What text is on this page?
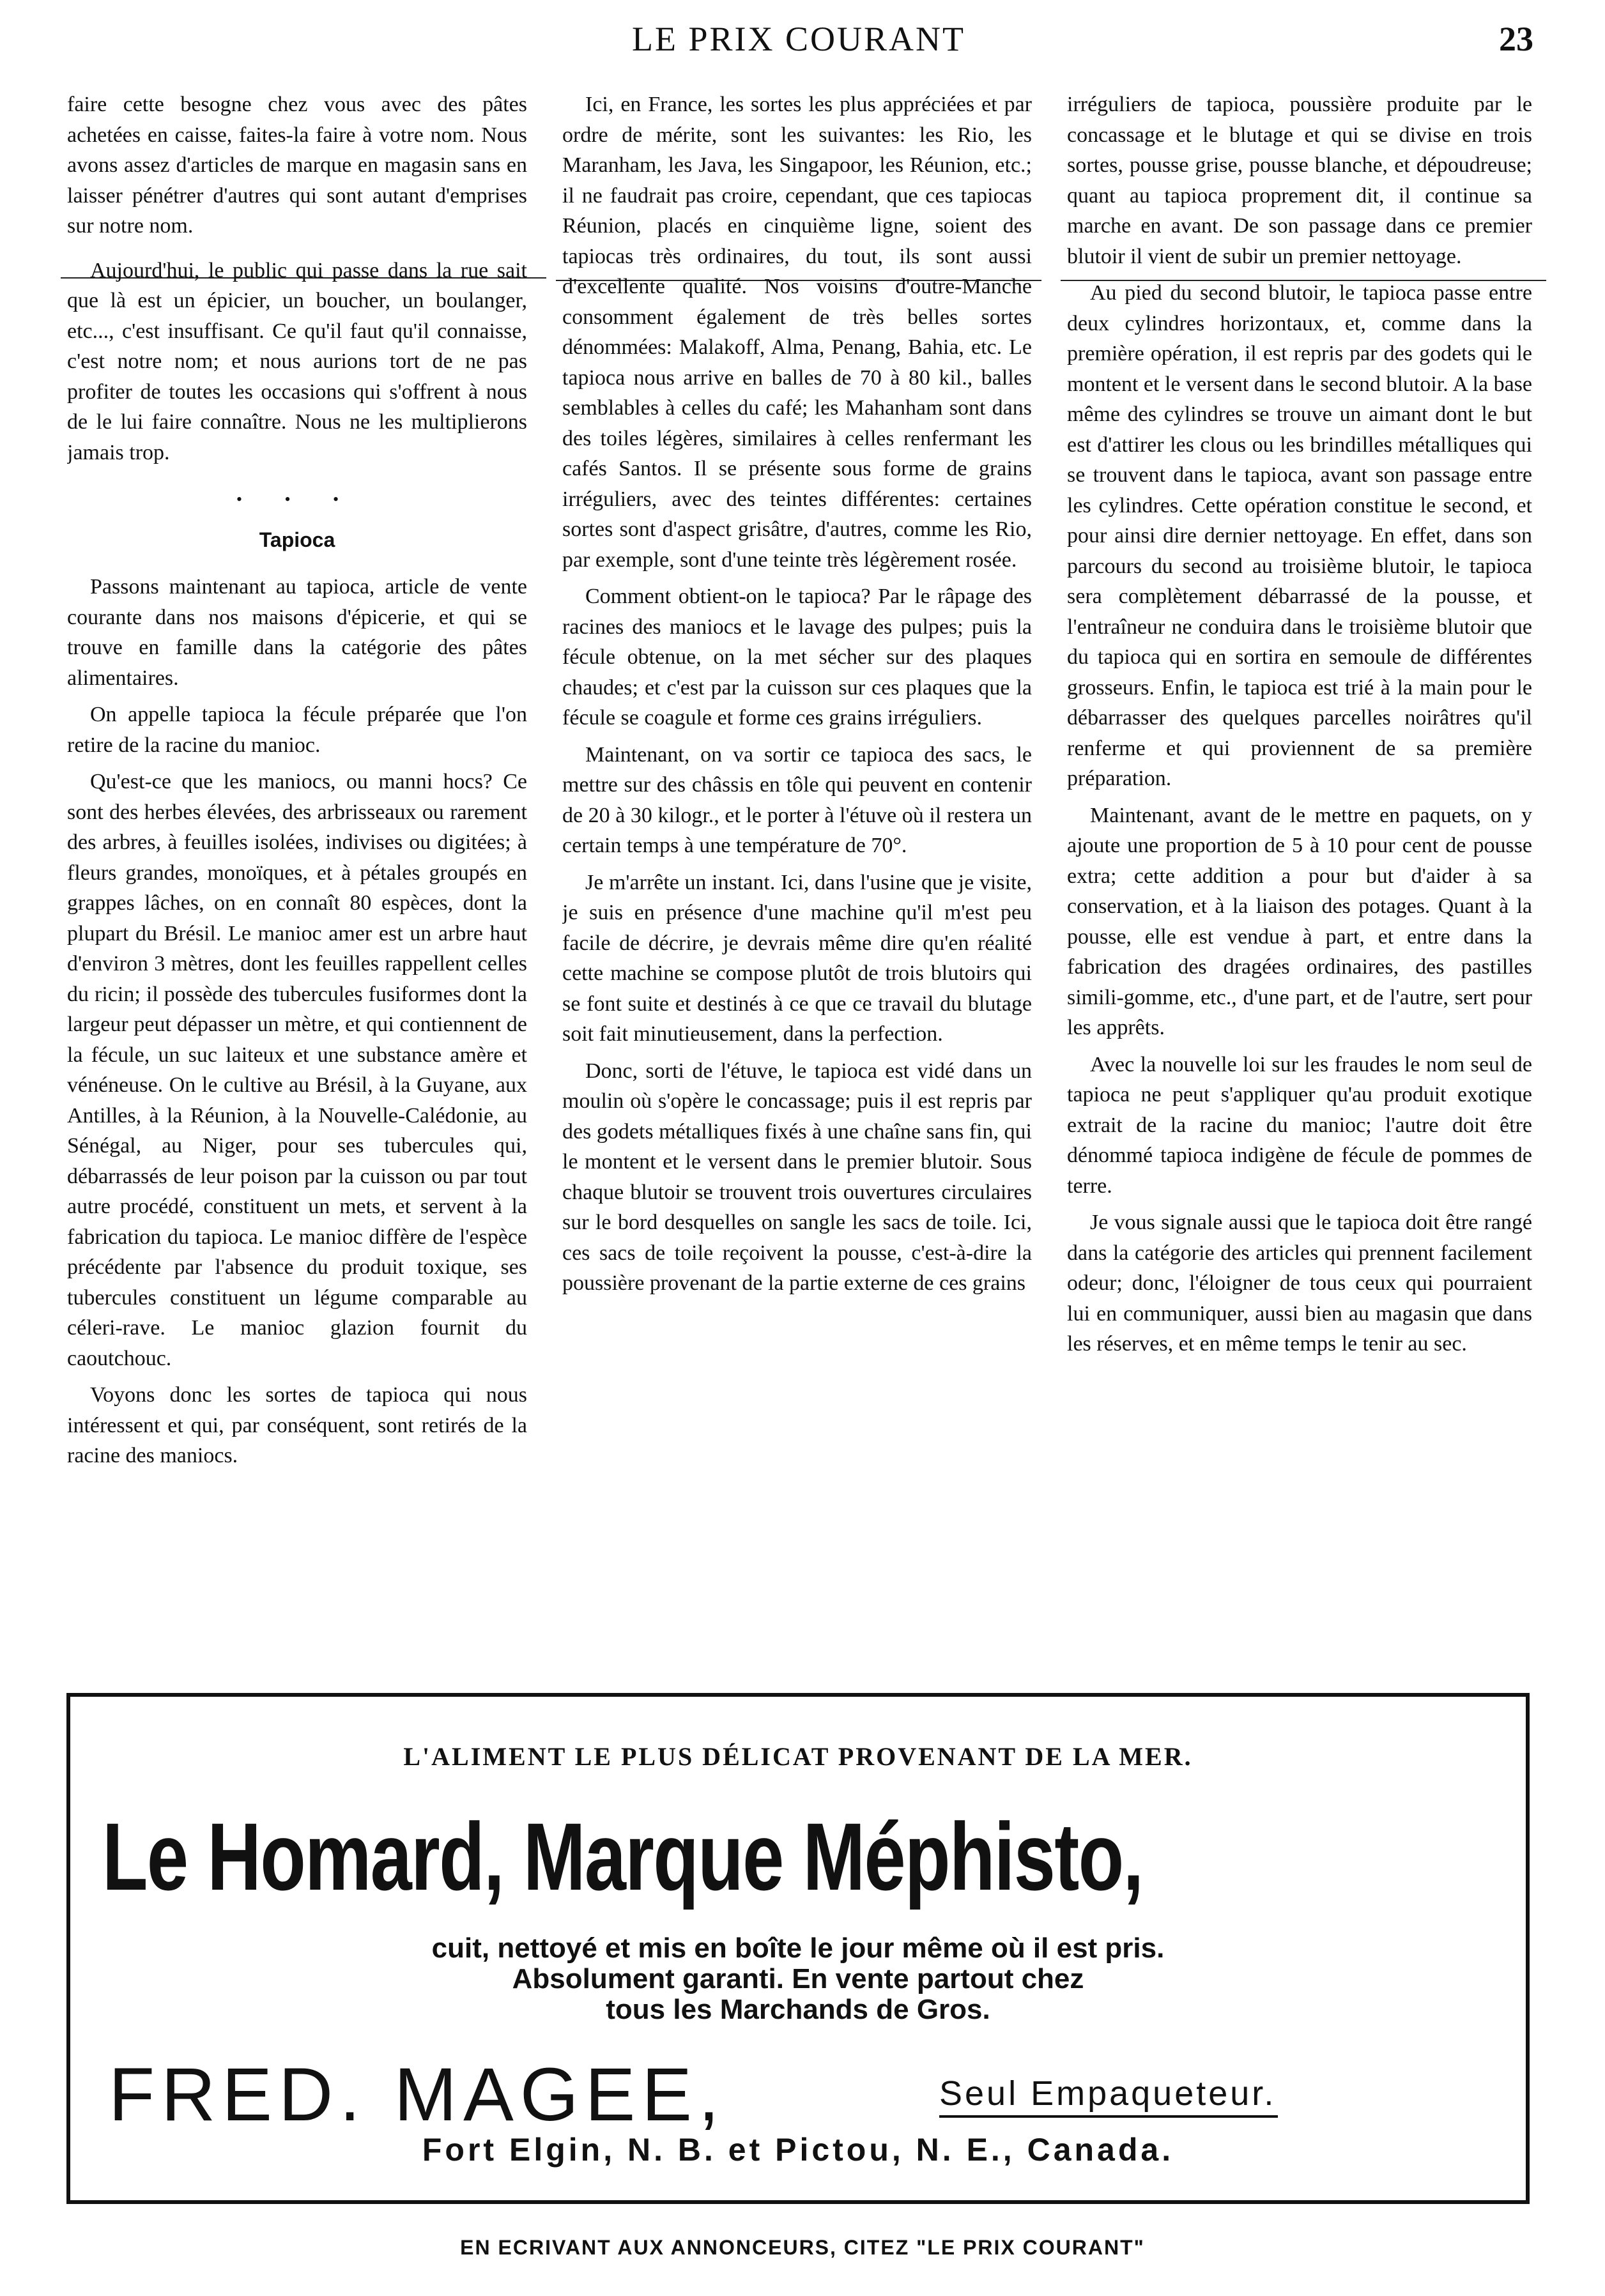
LE PRIX COURANT	23

faire cette besogne chez vous avec des pâtes achetées en caisse, faites-la faire à votre nom. Nous avons assez d'articles de marque en magasin sans en laisser pénétrer d'autres qui sont autant d'emprises sur notre nom.

Aujourd'hui, le public qui passe dans la rue sait que là est un épicier, un boucher, un boulanger, etc..., c'est insuffisant. Ce qu'il faut qu'il connaisse, c'est notre nom; et nous aurions tort de ne pas profiter de toutes les occasions qui s'offrent à nous de le lui faire connaître. Nous ne les multiplierons jamais trop.

• • •
Tapioca

Passons maintenant au tapioca, article de vente courante dans nos maisons d'épicerie, et qui se trouve en famille dans la catégorie des pâtes alimentaires.

On appelle tapioca la fécule préparée que l'on retire de la racine du manioc.

Qu'est-ce que les maniocs, ou manni hocs? Ce sont des herbes élevées, des arbrisseaux ou rarement des arbres, à feuilles isolées, indivises ou digitées; à fleurs grandes, monoïques, et à pétales groupés en grappes lâches, on en connaît 80 espèces, dont la plupart du Brésil. Le manioc amer est un arbre haut d'environ 3 mètres, dont les feuilles rappellent celles du ricin; il possède des tubercules fusiformes dont la largeur peut dépasser un mètre, et qui contiennent de la fécule, un suc laiteux et une substance amère et vénéneuse. On le cultive au Brésil, à la Guyane, aux Antilles, à la Réunion, à la Nouvelle-Calédonie, au Sénégal, au Niger, pour ses tubercules qui, débarrassés de leur poison par la cuisson ou par tout autre procédé, constituent un mets, et servent à la fabrication du tapioca. Le manioc diffère de l'espèce précédente par l'absence du produit toxique, ses tubercules constituent un légume comparable au céleri-rave. Le manioc glazion fournit du caoutchouc.

Voyons donc les sortes de tapioca qui nous intéressent et qui, par conséquent, sont retirés de la racine des maniocs.

Ici, en France, les sortes les plus appréciées et par ordre de mérite, sont les suivantes: les Rio, les Maranham, les Java, les Singapoor, les Réunion, etc.; il ne faudrait pas croire, cependant, que ces tapiocas Réunion, placés en cinquième ligne, soient des tapiocas très ordinaires, du tout, ils sont aussi d'excellente qualité. Nos voisins d'outre-Manche consomment également de très belles sortes dénommées: Malakoff, Alma, Penang, Bahia, etc. Le tapioca nous arrive en balles de 70 à 80 kil., balles semblables à celles du café; les Mahanham sont dans des toiles légères, similaires à celles renfermant les cafés Santos. Il se présente sous forme de grains irréguliers, avec des teintes différentes: certaines sortes sont d'aspect grisâtre, d'autres, comme les Rio, par exemple, sont d'une teinte très légèrement rosée.

Comment obtient-on le tapioca? Par le râpage des racines des maniocs et le lavage des pulpes; puis la fécule obtenue, on la met sécher sur des plaques chaudes; et c'est par la cuisson sur ces plaques que la fécule se coagule et forme ces grains irréguliers.

Maintenant, on va sortir ce tapioca des sacs, le mettre sur des châssis en tôle qui peuvent en contenir de 20 à 30 kilogr., et le porter à l'étuve où il restera un certain temps à une température de 70°.

Je m'arrête un instant. Ici, dans l'usine que je visite, je suis en présence d'une machine qu'il m'est peu facile de décrire, je devrais même dire qu'en réalité cette machine se compose plutôt de trois blutoirs qui se font suite et destinés à ce que ce travail du blutage soit fait minutieusement, dans la perfection.

Donc, sorti de l'étuve, le tapioca est vidé dans un moulin où s'opère le concassage; puis il est repris par des godets métalliques fixés à une chaîne sans fin, qui le montent et le versent dans le premier blutoir. Sous chaque blutoir se trouvent trois ouvertures circulaires sur le bord desquelles on sangle les sacs de toile. Ici, ces sacs de toile reçoivent la pousse, c'est-à-dire la poussière provenant de la partie externe de ces grains

irréguliers de tapioca, poussière produite par le concassage et le blutage et qui se divise en trois sortes, pousse grise, pousse blanche, et dépoudreuse; quant au tapioca proprement dit, il continue sa marche en avant. De son passage dans ce premier blutoir il vient de subir un premier nettoyage.

Au pied du second blutoir, le tapioca passe entre deux cylindres horizontaux, et, comme dans la première opération, il est repris par des godets qui le montent et le versent dans le second blutoir. A la base même des cylindres se trouve un aimant dont le but est d'attirer les clous ou les brindilles métalliques qui se trouvent dans le tapioca, avant son passage entre les cylindres. Cette opération constitue le second, et pour ainsi dire dernier nettoyage. En effet, dans son parcours du second au troisième blutoir, le tapioca sera complètement débarrassé de la pousse, et l'entraîneur ne conduira dans le troisième blutoir que du tapioca qui en sortira en semoule de différentes grosseurs. Enfin, le tapioca est trié à la main pour le débarrasser des quelques parcelles noirâtres qu'il renferme et qui proviennent de sa première préparation.

Maintenant, avant de le mettre en paquets, on y ajoute une proportion de 5 à 10 pour cent de pousse extra; cette addition a pour but d'aider à sa conservation, et à la liaison des potages. Quant à la pousse, elle est vendue à part, et entre dans la fabrication des dragées ordinaires, des pastilles simili-gomme, etc., d'une part, et de l'autre, sert pour les apprêts.

Avec la nouvelle loi sur les fraudes le nom seul de tapioca ne peut s'appliquer qu'au produit exotique extrait de la racine du manioc; l'autre doit être dénommé tapioca indigène de fécule de pommes de terre.

Je vous signale aussi que le tapioca doit être rangé dans la catégorie des articles qui prennent facilement odeur; donc, l'éloigner de tous ceux qui pourraient lui en communiquer, aussi bien au magasin que dans les réserves, et en même temps le tenir au sec.

L'ALIMENT LE PLUS DÉLICAT PROVENANT DE LA MER.
Le Homard, Marque Méphisto,
cuit, nettoyé et mis en boîte le jour même où il est pris.
Absolument garanti. En vente partout chez
tous les Marchands de Gros.
FRED. MAGEE,	Seul Empaqueteur.
Fort Elgin, N. B. et Pictou, N. E., Canada.
EN ECRIVANT AUX ANNONCEURS, CITEZ "LE PRIX COURANT"
